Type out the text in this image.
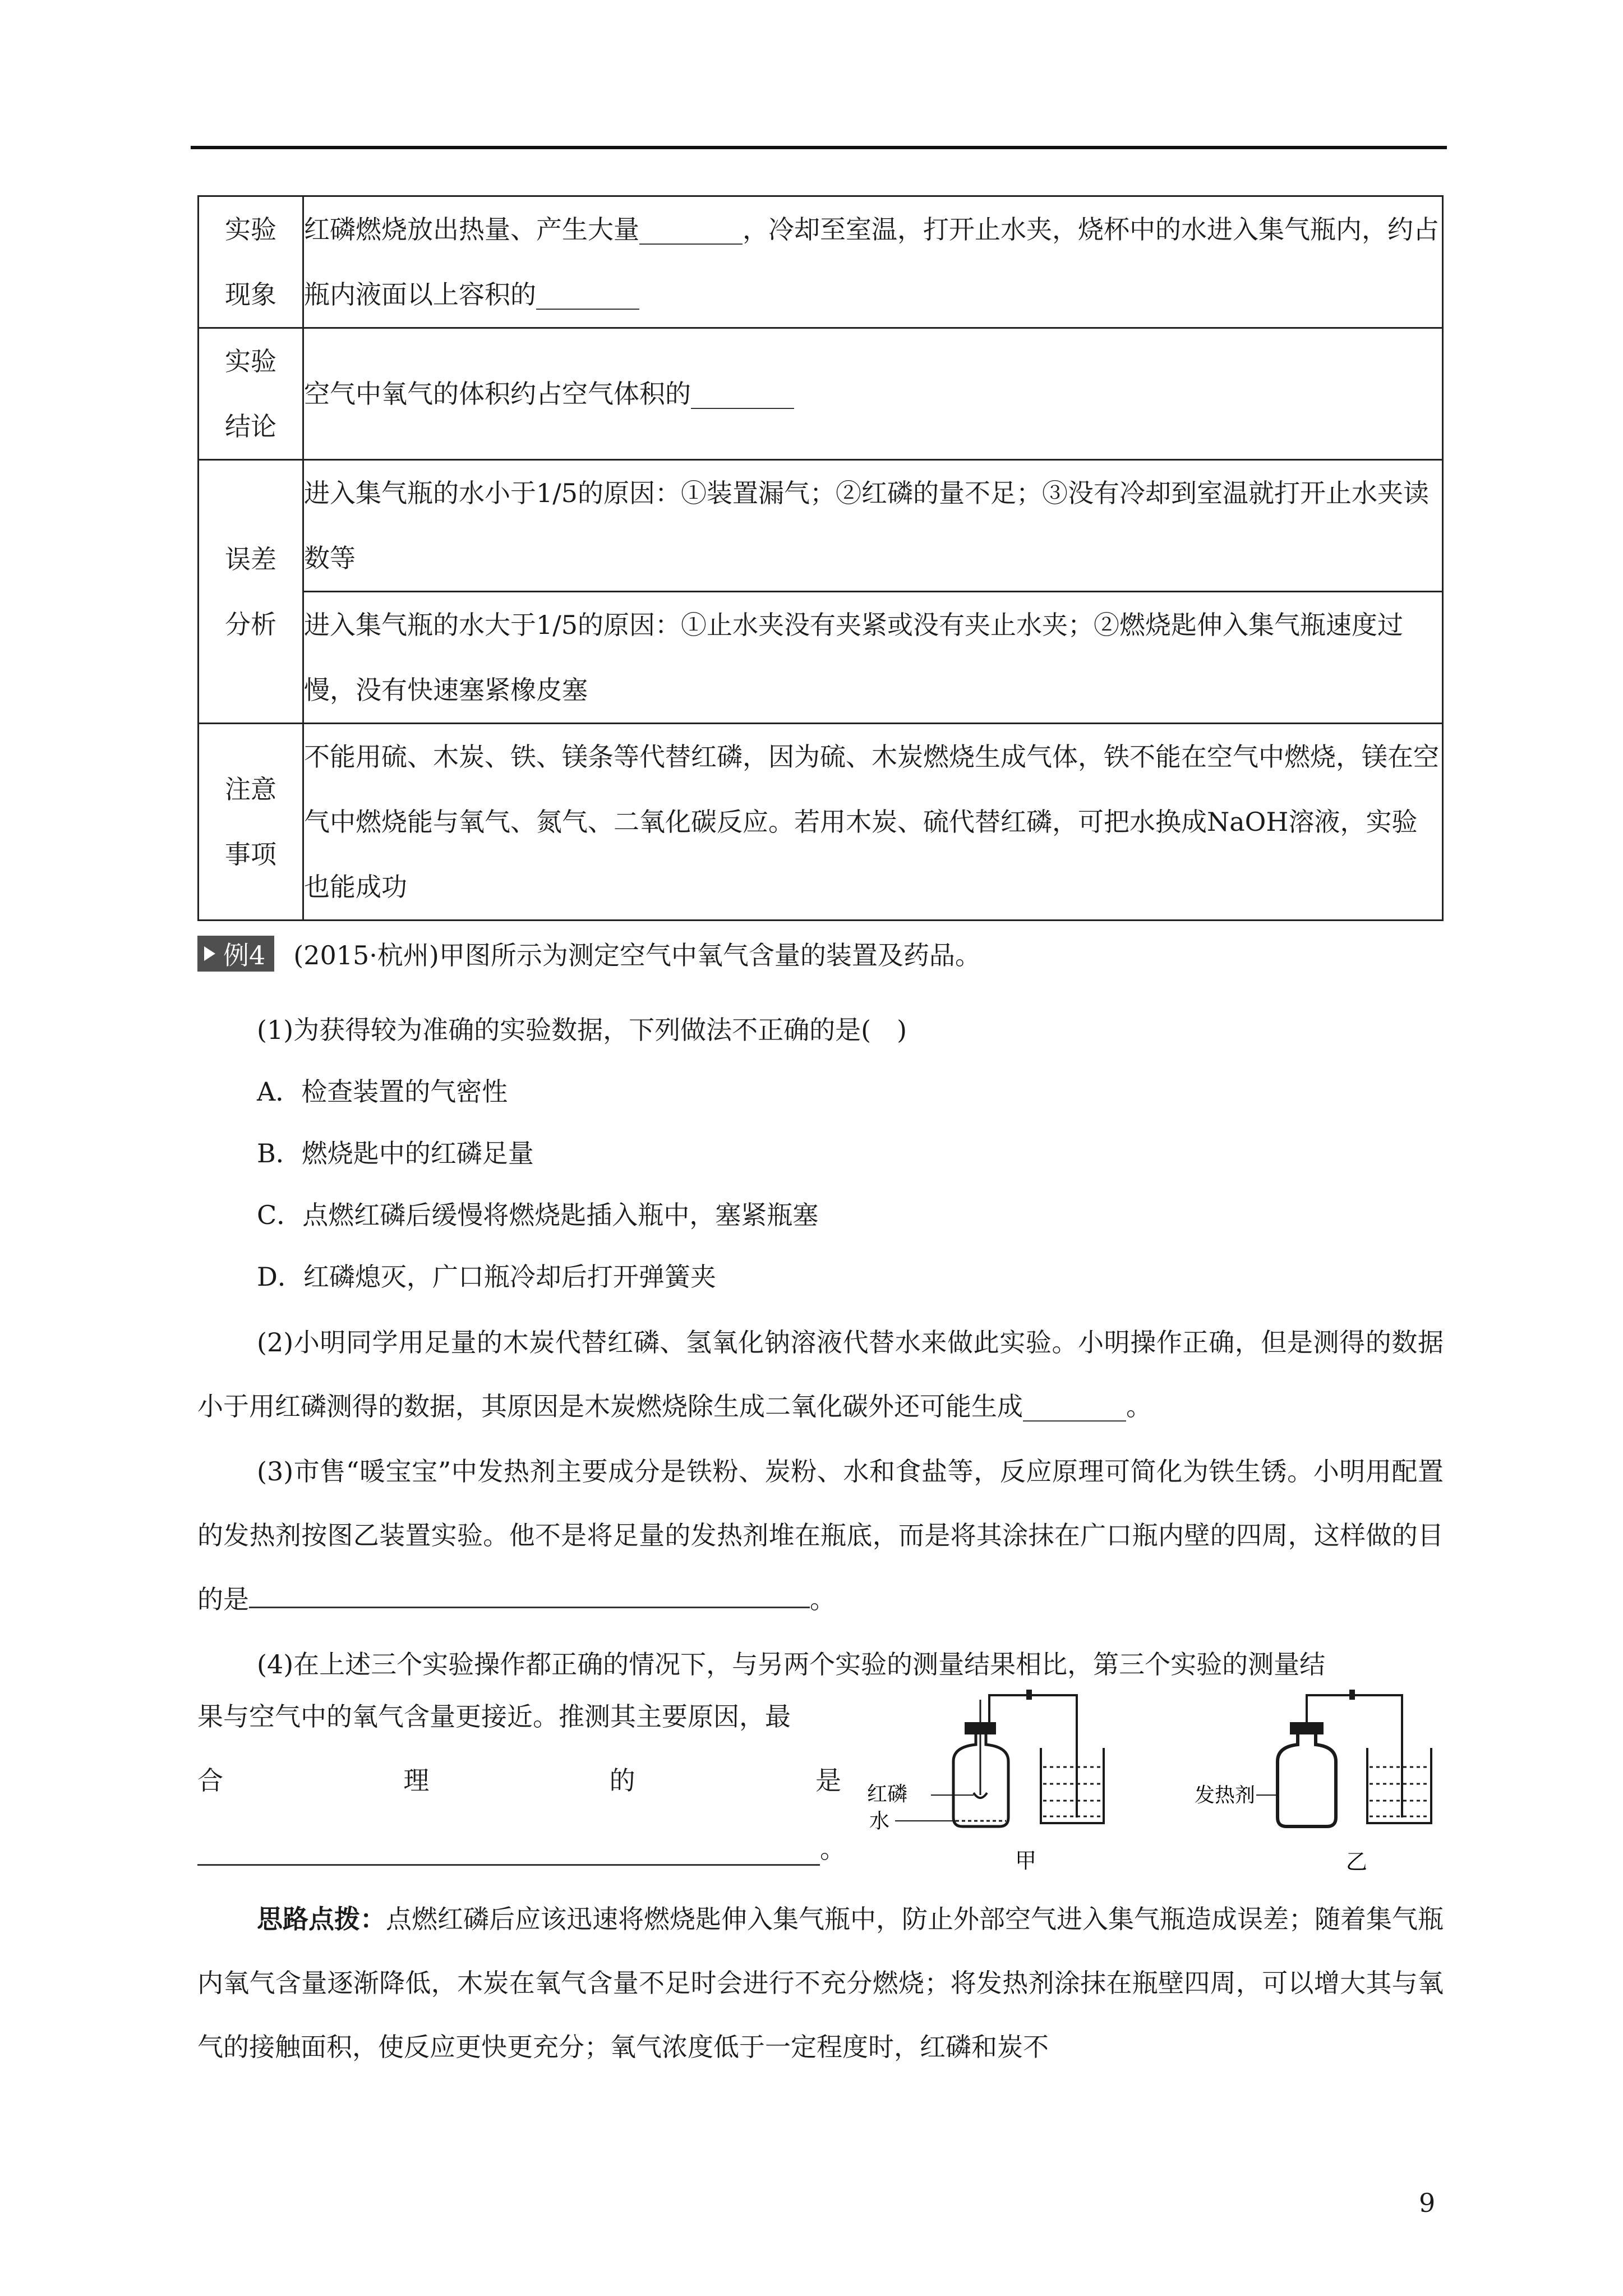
实验
现象	红磷燃烧放出热量、产生大量________，冷却至室温，打开止水夹，烧杯中的水进入集气瓶内，约占瓶内液面以上容积的________

实验
结论	空气中氧气的体积约占空气体积的________

误差
分析	进入集气瓶的水小于1/5的原因：①装置漏气；②红磷的量不足；③没有冷却到室温就打开止水夹读数等
	进入集气瓶的水大于1/5的原因：①止水夹没有夹紧或没有夹止水夹；②燃烧匙伸入集气瓶速度过慢，没有快速塞紧橡皮塞

注意
事项	不能用硫、木炭、铁、镁条等代替红磷，因为硫、木炭燃烧生成气体，铁不能在空气中燃烧，镁在空气中燃烧能与氧气、氮气、二氧化碳反应。若用木炭、硫代替红磷，可把水换成NaOH溶液，实验也能成功
例4 (2015·杭州)甲图所示为测定空气中氧气含量的装置及药品。
(1)为获得较为准确的实验数据，下列做法不正确的是(　)
A．检查装置的气密性
B．燃烧匙中的红磷足量
C．点燃红磷后缓慢将燃烧匙插入瓶中，塞紧瓶塞
D．红磷熄灭，广口瓶冷却后打开弹簧夹
(2)小明同学用足量的木炭代替红磷、氢氧化钠溶液代替水来做此实验。小明操作正确，但是测得的数据小于用红磷测得的数据，其原因是木炭燃烧除生成二氧化碳外还可能生成________。
(3)市售“暖宝宝”中发热剂主要成分是铁粉、炭粉、水和食盐等，反应原理可简化为铁生锈。小明用配置的发热剂按图乙装置实验。他不是将足量的发热剂堆在瓶底，而是将其涂抹在广口瓶内壁的四周，这样做的目的是	。
(4)在上述三个实验操作都正确的情况下，与另两个实验的测量结果相比，第三个实验的测量结
果与空气中的氧气含量更接近。推测其主要原因，最
合	理	的	是
。
红磷
水
甲
发热剂
乙
思路点拨：点燃红磷后应该迅速将燃烧匙伸入集气瓶中，防止外部空气进入集气瓶造成误差；随着集气瓶内氧气含量逐渐降低，木炭在氧气含量不足时会进行不充分燃烧；将发热剂涂抹在瓶壁四周，可以增大其与氧气的接触面积，使反应更快更充分；氧气浓度低于一定程度时，红磷和炭不
9
